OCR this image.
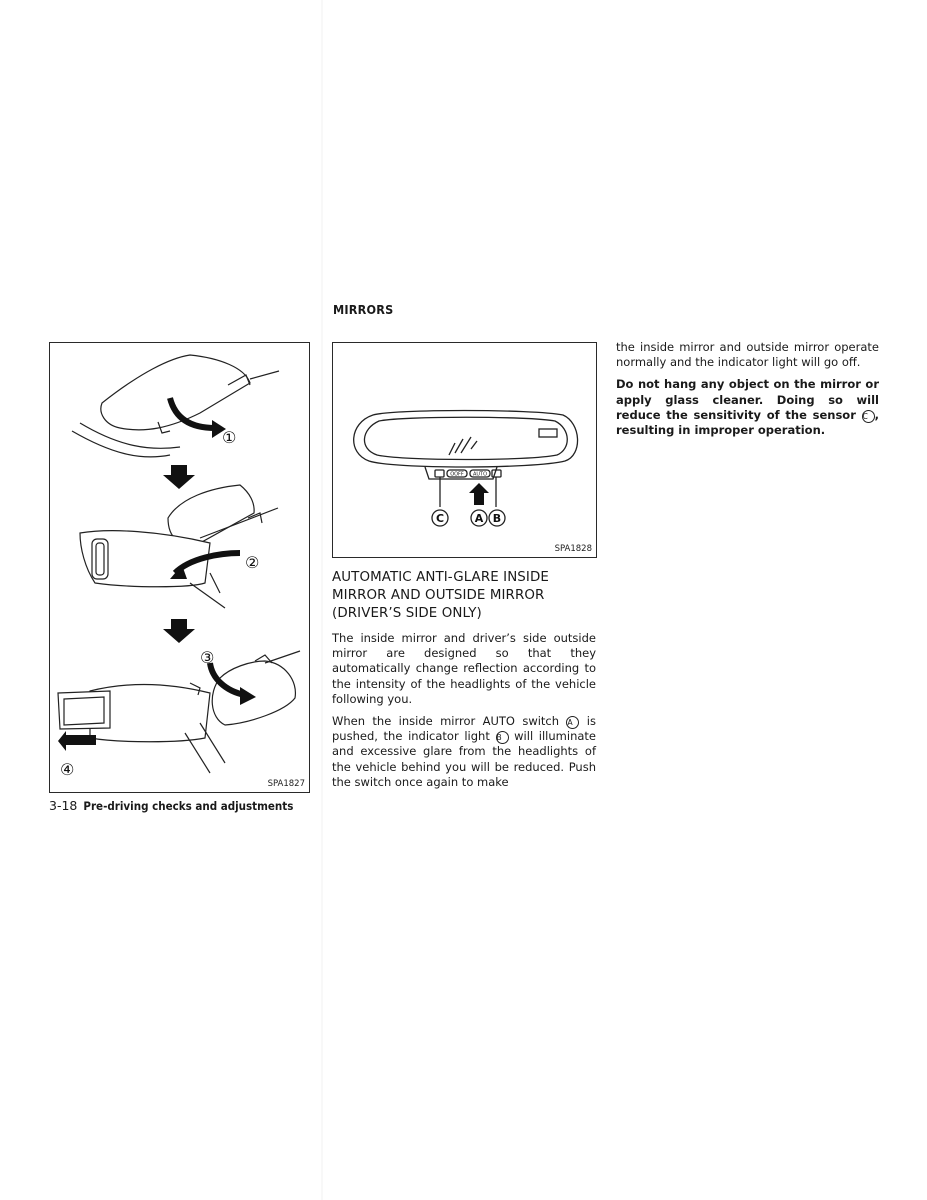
MIRRORS
①
②
③
④
SPA1827
OOFF AUTO
C	A B
SPA1828
AUTOMATIC ANTI-GLARE INSIDE MIRROR AND OUTSIDE MIRROR (DRIVER’S SIDE ONLY)

The inside mirror and driver’s side outside mirror are designed so that they automatically change reflection according to the intensity of the headlights of the vehicle following you.

When the inside mirror AUTO switch A is pushed, the indicator light B will illuminate and excessive glare from the headlights of the vehicle behind you will be reduced. Push the switch once again to make

the inside mirror and outside mirror operate normally and the indicator light will go off.

Do not hang any object on the mirror or apply glass cleaner. Doing so will reduce the sensitivity of the sensor C , resulting in improper operation.

3-18 Pre-driving checks and adjustments
